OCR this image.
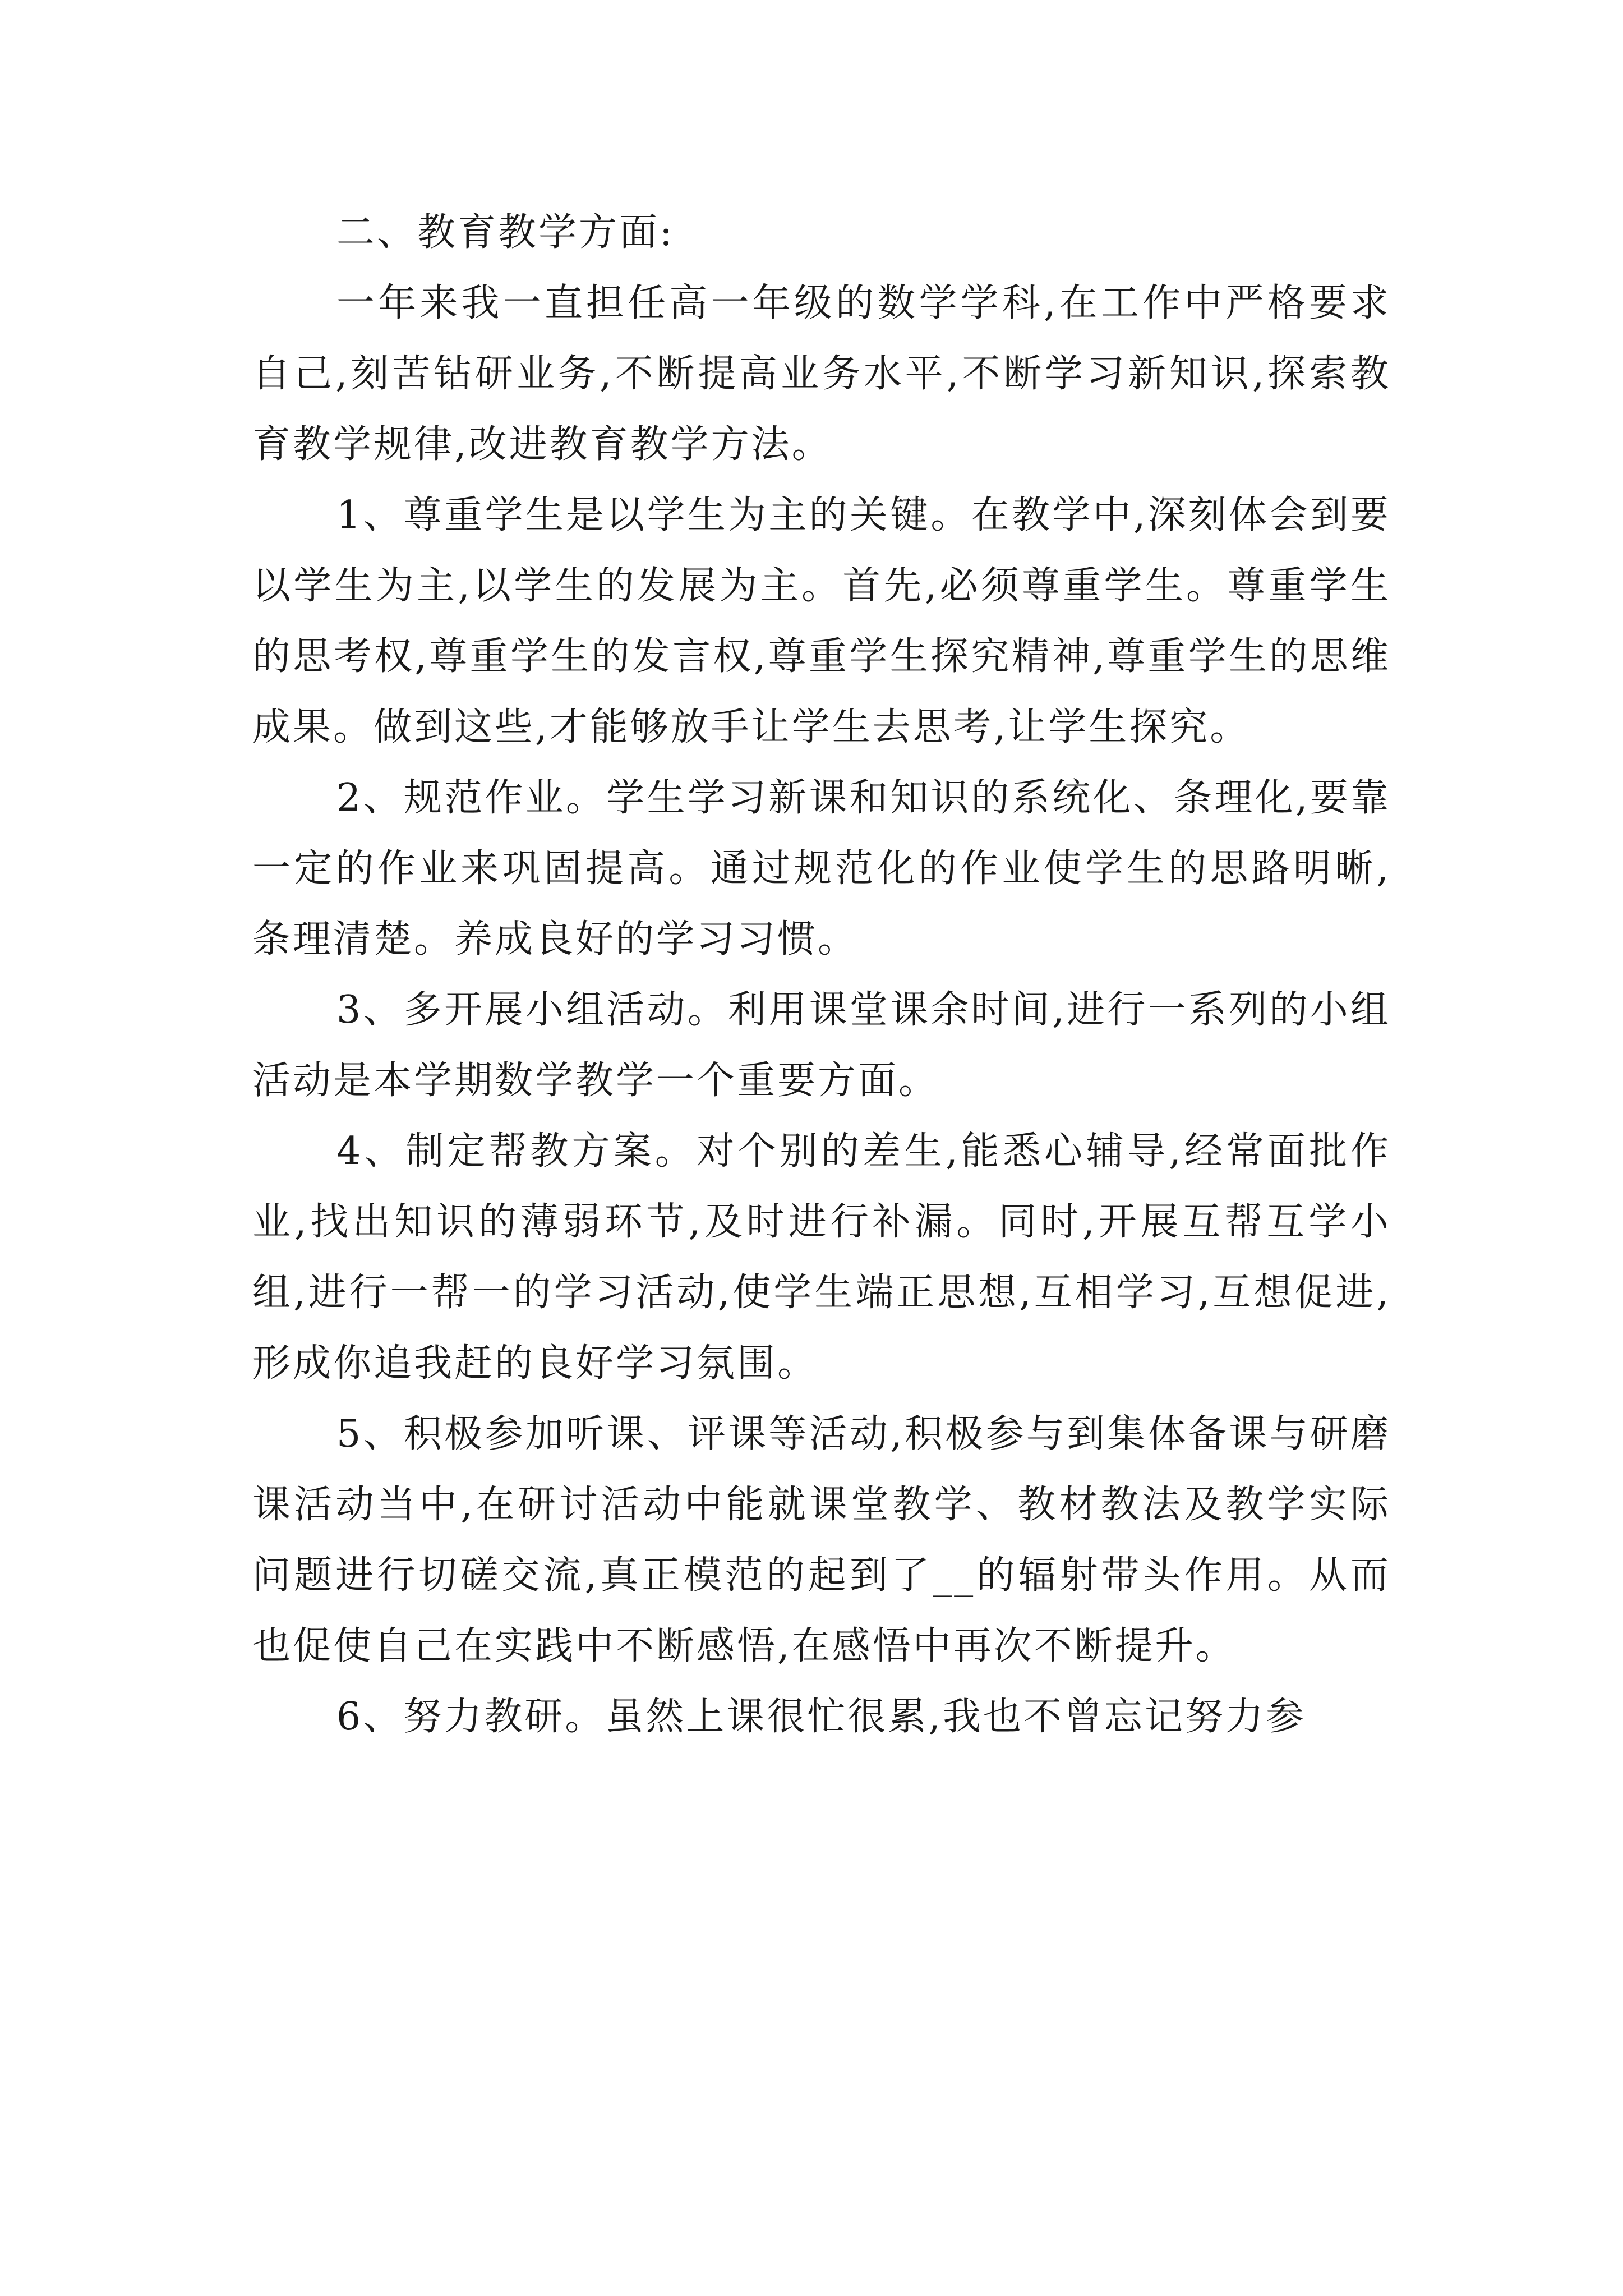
二、教育教学方面:

一年来我一直担任高一年级的数学学科,在工作中严格要求自己,刻苦钻研业务,不断提高业务水平,不断学习新知识,探索教育教学规律,改进教育教学方法。

1、尊重学生是以学生为主的关键。在教学中,深刻体会到要以学生为主,以学生的发展为主。首先,必须尊重学生。尊重学生的思考权,尊重学生的发言权,尊重学生探究精神,尊重学生的思维成果。做到这些,才能够放手让学生去思考,让学生探究。

2、规范作业。学生学习新课和知识的系统化、条理化,要靠一定的作业来巩固提高。通过规范化的作业使学生的思路明晰,条理清楚。养成良好的学习习惯。

3、多开展小组活动。利用课堂课余时间,进行一系列的小组活动是本学期数学教学一个重要方面。

4、制定帮教方案。对个别的差生,能悉心辅导,经常面批作业,找出知识的薄弱环节,及时进行补漏。同时,开展互帮互学小组,进行一帮一的学习活动,使学生端正思想,互相学习,互想促进,形成你追我赶的良好学习氛围。

5、积极参加听课、评课等活动,积极参与到集体备课与研磨课活动当中,在研讨活动中能就课堂教学、教材教法及教学实际问题进行切磋交流,真正模范的起到了__的辐射带头作用。从而也促使自己在实践中不断感悟,在感悟中再次不断提升。

6、努力教研。虽然上课很忙很累,我也不曾忘记努力参
